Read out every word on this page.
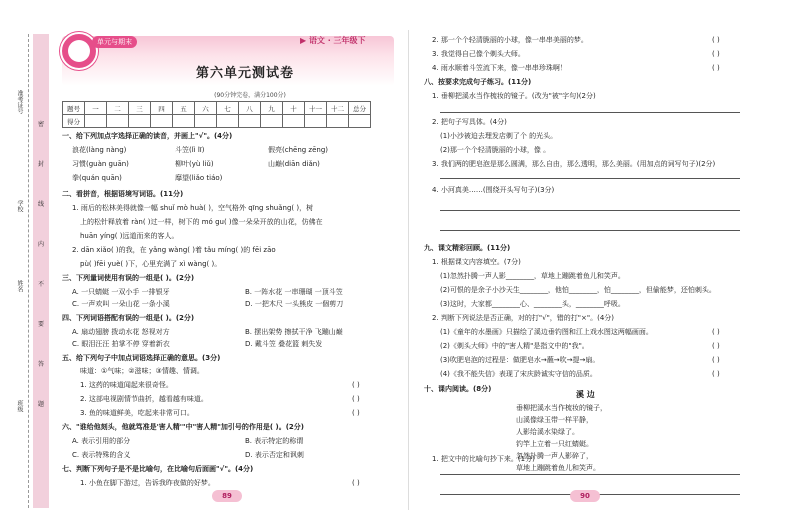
准考证号
学校
姓名
班级
密
封
线
内
不
要
答
题
单元与期末	▶ 语文 · 三年级下
第六单元测试卷
(90分钟完卷，满分100分)
题号	一	二	三	四	五	六	七	八	九	十	十一	十二	总分
得分													
一、给下列加点字选择正确的读音，并画上"√"。(4分)
浪花(làng nàng)	斗笠(lì lī)	假亮(chēng zēng)
习惯(guàn guān)	柳叶(yù liǔ)	山巅(diān diǎn)
拳(quán quān)	靡望(liǎo tiáo)
二、看拼音，根据语境写词语。(11分)
1. 雨后的松林美得就像一幅 shuǐ mò huà( )，空气格外 qīng shuǎng( )，树
上的松针释放着 ràn( )过一样，树下的 mó gu( )像一朵朵开放的山花，仿佛在
huān yíng( )远道而来的客人。
2. dān xiǎo( )的我，在 yǎng wàng( )着 tǎu míng( )的 fēi zāo
pù( )fēi yuè( )下，心里充满了 xì wàng( )。
三、下列量词使用有误的一组是( )。(2分)
A. 一只蜻蜓 一双小手 一排银牙	B. 一阵水花 一串珊瑚 一顶斗笠
C. 一声欢叫 一朵山花 一条小溪	D. 一把木尺 一头熊皮 一個剪刀
四、下列词语搭配有误的一组是( )。(2分)
A. 扇动翅膀 拨动水花 怒视对方	B. 摆出架势 擦拭干净 飞蹦山巅
C. 眼泪汪汪 拍掌不停 穿着新衣	D. 戴斗笠 叠花篮 刺失发
五、给下列句子中加点词语选择正确的意思。(3分)
味道：①气味；②滋味；③情趣、情调。
1. 这药的味道闻起来很奇怪。	( )
2. 这部电视剧情节曲折，越看越有味道。	( )
3. 鱼的味道鲜美，吃起来非常可口。	( )
六、"谁给他刻头，他就笃准是'害人精'"中"害人精"加引号的作用是( )。(2分)
A. 表示引用的部分	B. 表示特定的称谓
C. 表示特殊的含义	D. 表示否定和讽刺
七、判断下列句子是不是比喻句，在比喻句后面画"√"。(4分)
1. 小鱼在脚下游过，告诉我昨夜做的好梦。	( )
2. 那一个个轻清脆丽的小球，像一串串美丽的梦。	( )
3. 我觉得自己像个剃头大师。	( )
4. 雨水顺着斗笠流下来，像一串串珍珠啊！	( )
八、按要求完成句子练习。(11分)
1. 垂柳把溪水当作梳妆的镜子。(改为"被"字句)(2分)
2. 把句子写具体。(4分)
(1)小沙被迫去理发店剃了个 的光头。
(2)那一个个轻清脆丽的小球，像 。
3. 我们两的肥皂泡是那么圆满，那么自由，那么透明，那么美丽。(用加点的词写句子)(2分)
4. 小河真美……(围绕开头写句子)(3分)
九、课文精彩回顾。(11分)
1. 根据课文内容填空。(7分)
(1)忽然扑腾一声人影________，草地上蹦跳着鱼儿和笑声。
(2)可恨的是余子小沙天生________，他怕________，怕________，但偷能梦，还怕刺头。
(3)这时，大家都________心、________头，________呼吸。
2. 判断下列说法是否正确，对的打"√"，错的打"×"。(4分)
(1)《童年的水墨画》只描绘了溪边垂钓图和江上戏水图这两幅画面。	( )
(2)《剃头大师》中的"害人精"是指文中的"我"。	( )
(3)吹肥皂泡的过程是：做肥皂水→蘸→吹→提→扇。	( )
(4)《我不能失信》表现了宋庆龄诚实守信的品质。	( )
十、课内阅读。(8分)
1. 把文中的比喻句抄下来。(1分)
溪 边
垂柳把溪水当作梳妆的镜子，
山溪像绿玉带一样平静，
人影给溪水染绿了。
钓竿上立着一只红蜻蜓。
忽然扑腾一声人影碎了，
草地上蹦跳着鱼儿和笑声。
89	90
